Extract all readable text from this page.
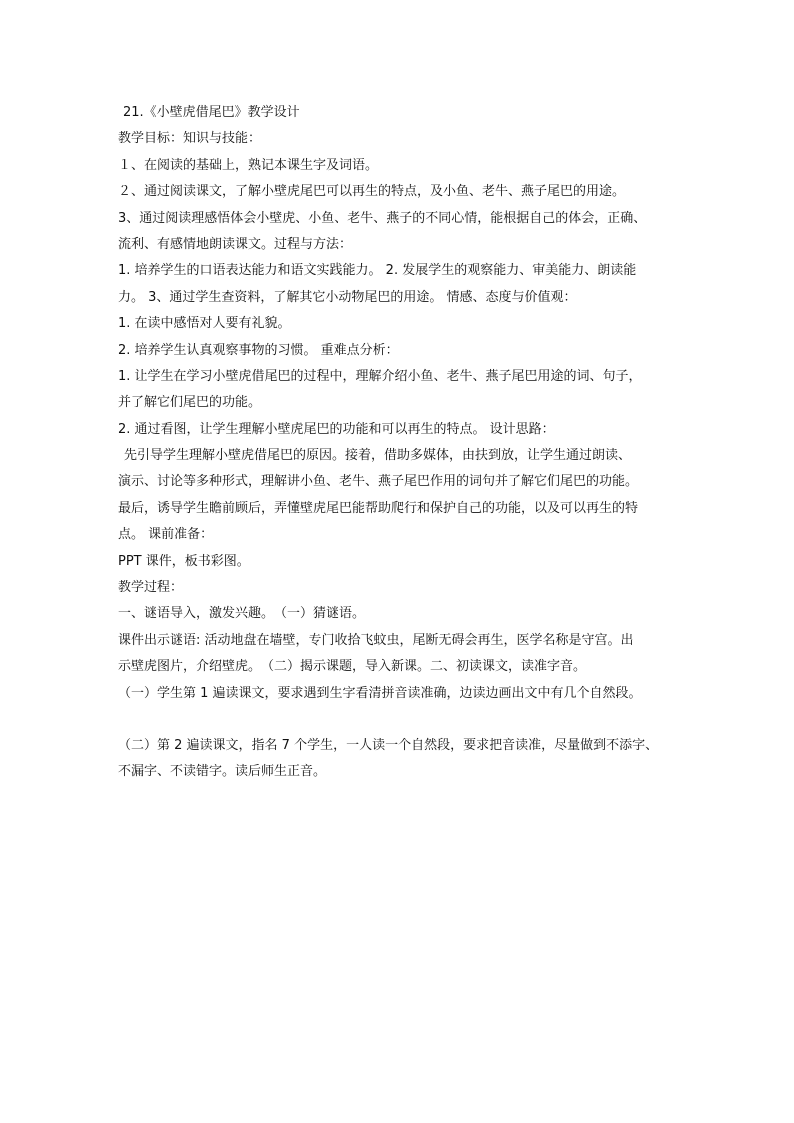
21.《小壁虎借尾巴》教学设计
教学目标：知识与技能：
１、在阅读的基础上，熟记本课生字及词语。
２、通过阅读课文，了解小壁虎尾巴可以再生的特点，及小鱼、老牛、燕子尾巴的用途。
3、通过阅读理感悟体会小壁虎、小鱼、老牛、燕子的不同心情，能根据自己的体会，正确、
流利、有感情地朗读课文。过程与方法：
1. 培养学生的口语表达能力和语文实践能力。 2. 发展学生的观察能力、审美能力、朗读能
力。 3、通过学生查资料，了解其它小动物尾巴的用途。 情感、态度与价值观：
1. 在读中感悟对人要有礼貌。
2. 培养学生认真观察事物的习惯。 重难点分析：
1. 让学生在学习小壁虎借尾巴的过程中，理解介绍小鱼、老牛、燕子尾巴用途的词、句子，
并了解它们尾巴的功能。
2. 通过看图，让学生理解小壁虎尾巴的功能和可以再生的特点。 设计思路：
先引导学生理解小壁虎借尾巴的原因。接着，借助多媒体，由扶到放，让学生通过朗读、
演示、讨论等多种形式，理解讲小鱼、老牛、燕子尾巴作用的词句并了解它们尾巴的功能。
最后，诱导学生瞻前顾后，弄懂壁虎尾巴能帮助爬行和保护自己的功能，以及可以再生的特
点。 课前准备：
PPT 课件，板书彩图。
教学过程：
一、谜语导入，激发兴趣。　（一）猜谜语。
课件出示谜语: 活动地盘在墙壁，专门收拾飞蚊虫，尾断无碍会再生，医学名称是守宫。出
示壁虎图片，介绍壁虎。　（二）揭示课题，导入新课。二、初读课文，读准字音。
（一）学生第 1 遍读课文，要求遇到生字看清拼音读准确，边读边画出文中有几个自然段。
（二）第 2 遍读课文，指名 7 个学生，一人读一个自然段，要求把音读准，尽量做到不添字、
不漏字、不读错字。读后师生正音。
